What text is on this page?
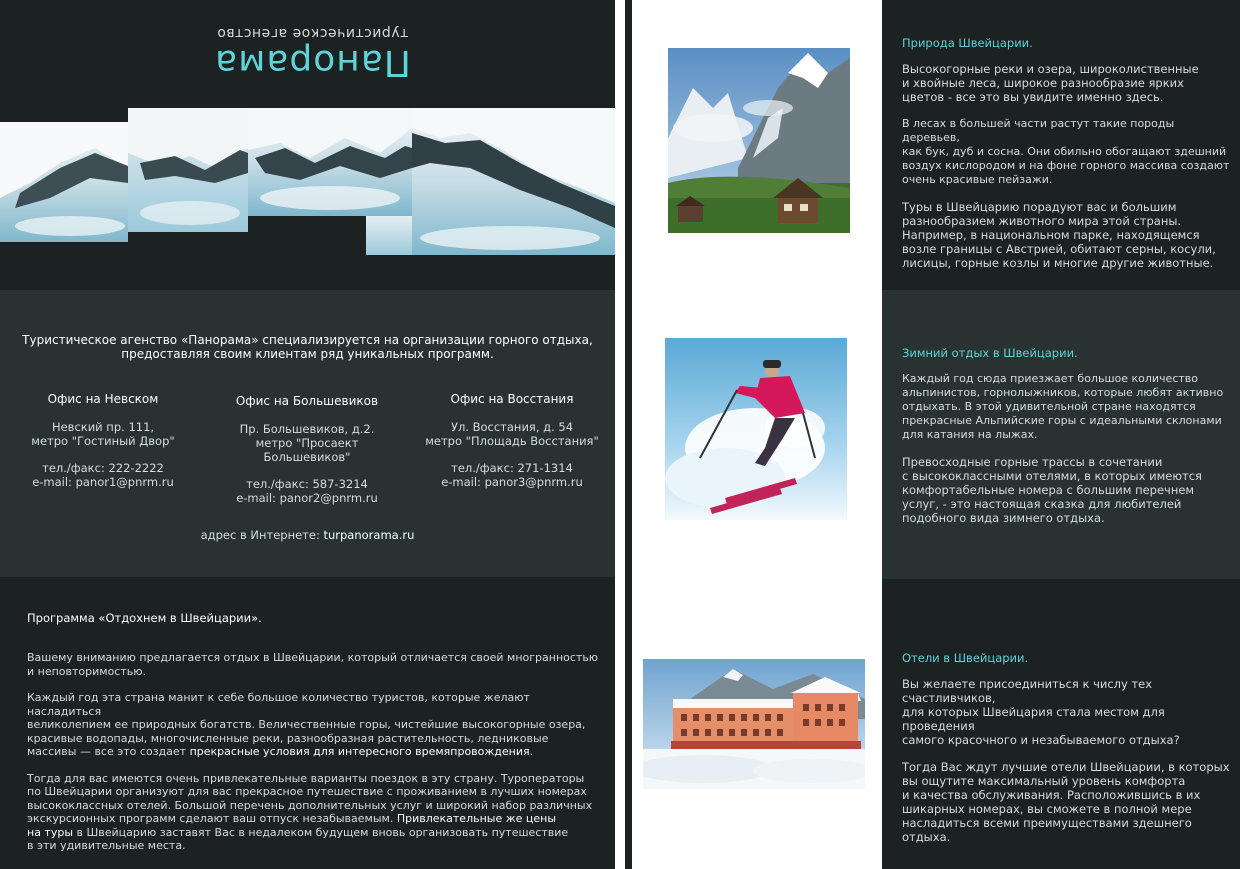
Панорама
туристическое агенство
Туристическое агенство «Панорама» специализируется на организации горного отдыха,
предоставляя своим клиентам ряд уникальных программ.
Офис на Невском
Невский пр. 111,
метро "Гостиный Двор"
тел./факс: 222-2222
e-mail: panor1@pnrm.ru
Офис на Большевиков
Пр. Большевиков, д.2.
метро "Просаект Большевиков"
тел./факс: 587-3214
e-mail: panor2@pnrm.ru
Офис на Восстания
Ул. Восстания, д. 54
метро "Площадь Восстания"
тел./факс: 271-1314
e-mail: panor3@pnrm.ru
адрес в Интернете: turpanorama.ru
Программа «Отдохнем в Швейцарии».
Вашему вниманию предлагается отдых в Швейцарии, который отличается своей многранностью
и неповторимостью.
Каждый год эта страна манит к себе большое количество туристов, которые желают насладиться
великолепием ее природных богатств. Величественные горы, чистейшие высокогорные озера,
красивые водопады, многочисленные реки, разнообразная растительность, ледниковые
массивы — все это создает прекрасные условия для интересного времяпровождения.
Тогда для вас имеются очень привлекательные варианты поездок в эту страну. Туроператоры
по Швейцарии организуют для вас прекрасное путешествие с проживанием в лучших номерах
высококлассных отелей. Большой перечень дополнительных услуг и широкий набор различных
экскурсионных программ сделают ваш отпуск незабываемым. Привлекательные же цены
на туры в Швейцарию заставят Вас в недалеком будущем вновь организовать путешествие
в эти удивительные места.
Природа Швейцарии.
Высокогорные реки и озера, широколиственные
и хвойные леса, широкое разнообразие ярких
цветов - все это вы увидите именно здесь.
В лесах в большей части растут такие породы деревьев,
как бук, дуб и сосна. Они обильно обогащают здешний
воздух кислородом и на фоне горного массива создают
очень красивые пейзажи.
Туры в Швейцарию порадуют вас и большим
разнообразием животного мира этой страны.
Например, в национальном парке, находящемся
возле границы с Австрией, обитают серны, косули,
лисицы, горные козлы и многие другие животные.
Зимний отдых в Швейцарии.
Каждый год сюда приезжает большое количество
альпинистов, горнолыжников, которые любят активно
отдыхать. В этой удивительной стране находятся
прекрасные Альпийские горы с идеальными склонами
для катания на лыжах.
Превосходные горные трассы в сочетании
с высококлассными отелями, в которых имеются
комфортабельные номера с большим перечнем
услуг, - это настоящая сказка для любителей
подобного вида зимнего отдыха.
Отели в Швейцарии.
Вы желаете присоединиться к числу тех счастливчиков,
для которых Швейцария стала местом для проведения
самого красочного и незабываемого отдыха?
Тогда Вас ждут лучшие отели Швейцарии, в которых
вы ощутите максимальный уровень комфорта
и качества обслуживания. Расположившись в их
шикарных номерах, вы сможете в полной мере
насладиться всеми преимуществами здешнего отдыха.
